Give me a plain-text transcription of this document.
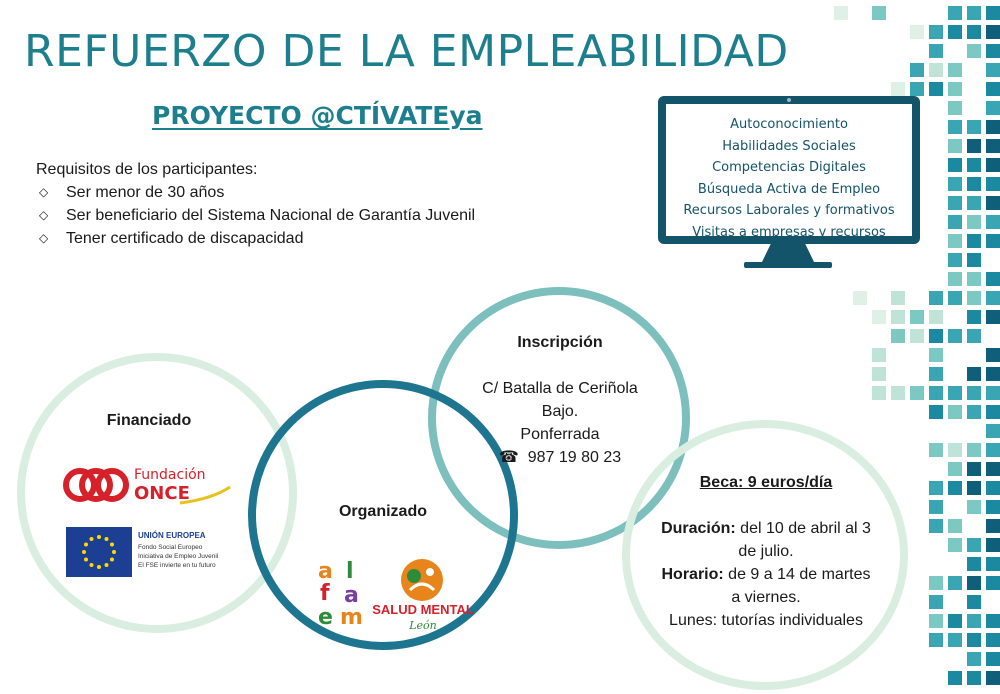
REFUERZO DE LA EMPLEABILIDAD
PROYECTO @CTÍVATEya
Requisitos de los participantes:
◇ Ser menor de 30 años
◇ Ser beneficiario del Sistema Nacional de Garantía Juvenil
◇ Tener certificado de discapacidad
Autoconocimiento
Habilidades Sociales
Competencias Digitales
Búsqueda Activa de Empleo
Recursos Laborales y formativos
Visitas a empresas y recursos
Financiado
Fundación
ONCE
UNIÓN EUROPEA
Fondo Social Europeo
Iniciativa de Empleo Juvenil
El FSE invierte en tu futuro
Organizado
a l
f a
e m SALUD MENTAL
León
Inscripción
C/ Batalla de Ceriñola
Bajo.
Ponferrada
☎ 987 19 80 23
Beca: 9 euros/día
Duración: del 10 de abril al 3 de julio.
Horario: de 9 a 14 de martes a viernes.
Lunes: tutorías individuales
